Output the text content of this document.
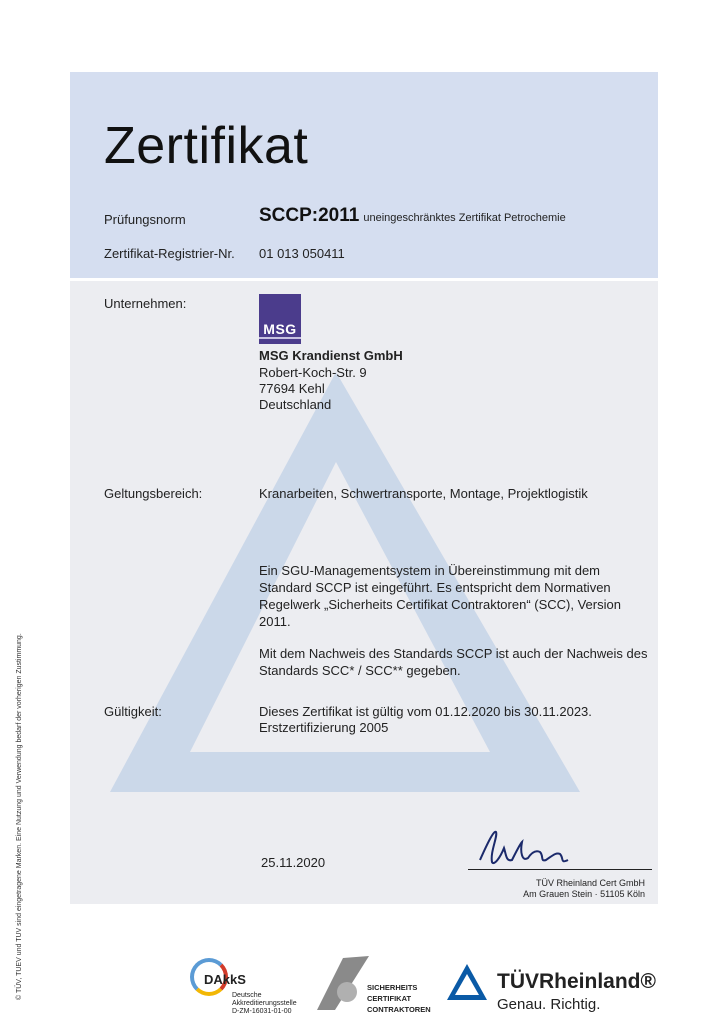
© TÜV, TUEV und TUV sind eingetragene Marken. Eine Nutzung und Verwendung bedarf der vorherigen Zustimmung.
Zertifikat
Prüfungsnorm	SCCP:2011 uneingeschränktes Zertifikat Petrochemie
Zertifikat-Registrier-Nr. 01 013 050411
Unternehmen:
MSG
MSG Krandienst GmbH
Robert-Koch-Str. 9
77694 Kehl
Deutschland
Geltungsbereich:	Kranarbeiten, Schwertransporte, Montage, Projektlogistik
Ein SGU-Managementsystem in Übereinstimmung mit dem Standard SCCP ist eingeführt. Es entspricht dem Normativen Regelwerk „Sicherheits Certifikat Contraktoren“ (SCC), Version 2011.
Mit dem Nachweis des Standards SCCP ist auch der Nachweis des Standards SCC* / SCC** gegeben.
Gültigkeit:	Dieses Zertifikat ist gültig vom 01.12.2020 bis 30.11.2023.
Erstzertifizierung 2005
25.11.2020
TÜV Rheinland Cert GmbH
Am Grauen Stein · 51105 Köln
DAkkS
Deutsche
Akkreditierungsstelle
D-ZM-16031-01-00
SICHERHEITS
CERTIFIKAT
CONTRAKTOREN
TÜVRheinland®
Genau. Richtig.
